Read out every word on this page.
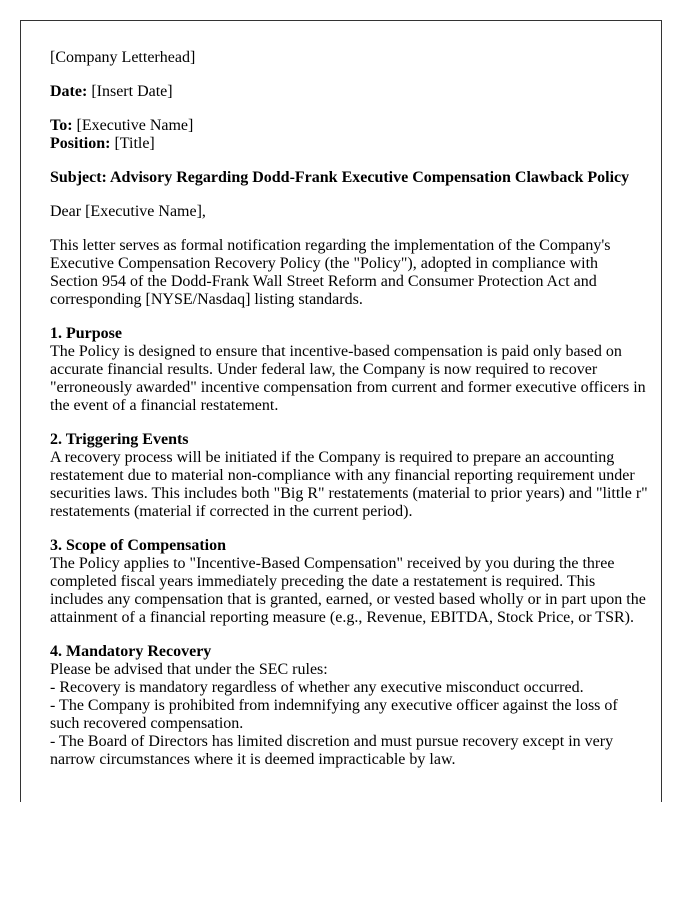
[Company Letterhead]

Date: [Insert Date]

To: [Executive Name]
Position: [Title]

Subject: Advisory Regarding Dodd-Frank Executive Compensation Clawback Policy

Dear [Executive Name],

This letter serves as formal notification regarding the implementation of the Company's Executive Compensation Recovery Policy (the "Policy"), adopted in compliance with Section 954 of the Dodd-Frank Wall Street Reform and Consumer Protection Act and corresponding [NYSE/Nasdaq] listing standards.

1. Purpose
The Policy is designed to ensure that incentive-based compensation is paid only based on accurate financial results. Under federal law, the Company is now required to recover "erroneously awarded" incentive compensation from current and former executive officers in the event of a financial restatement.

2. Triggering Events
A recovery process will be initiated if the Company is required to prepare an accounting restatement due to material non-compliance with any financial reporting requirement under securities laws. This includes both "Big R" restatements (material to prior years) and "little r" restatements (material if corrected in the current period).

3. Scope of Compensation
The Policy applies to "Incentive-Based Compensation" received by you during the three completed fiscal years immediately preceding the date a restatement is required. This includes any compensation that is granted, earned, or vested based wholly or in part upon the attainment of a financial reporting measure (e.g., Revenue, EBITDA, Stock Price, or TSR).

4. Mandatory Recovery
Please be advised that under the SEC rules:
- Recovery is mandatory regardless of whether any executive misconduct occurred.
- The Company is prohibited from indemnifying any executive officer against the loss of such recovered compensation.
- The Board of Directors has limited discretion and must pursue recovery except in very narrow circumstances where it is deemed impracticable by law.
